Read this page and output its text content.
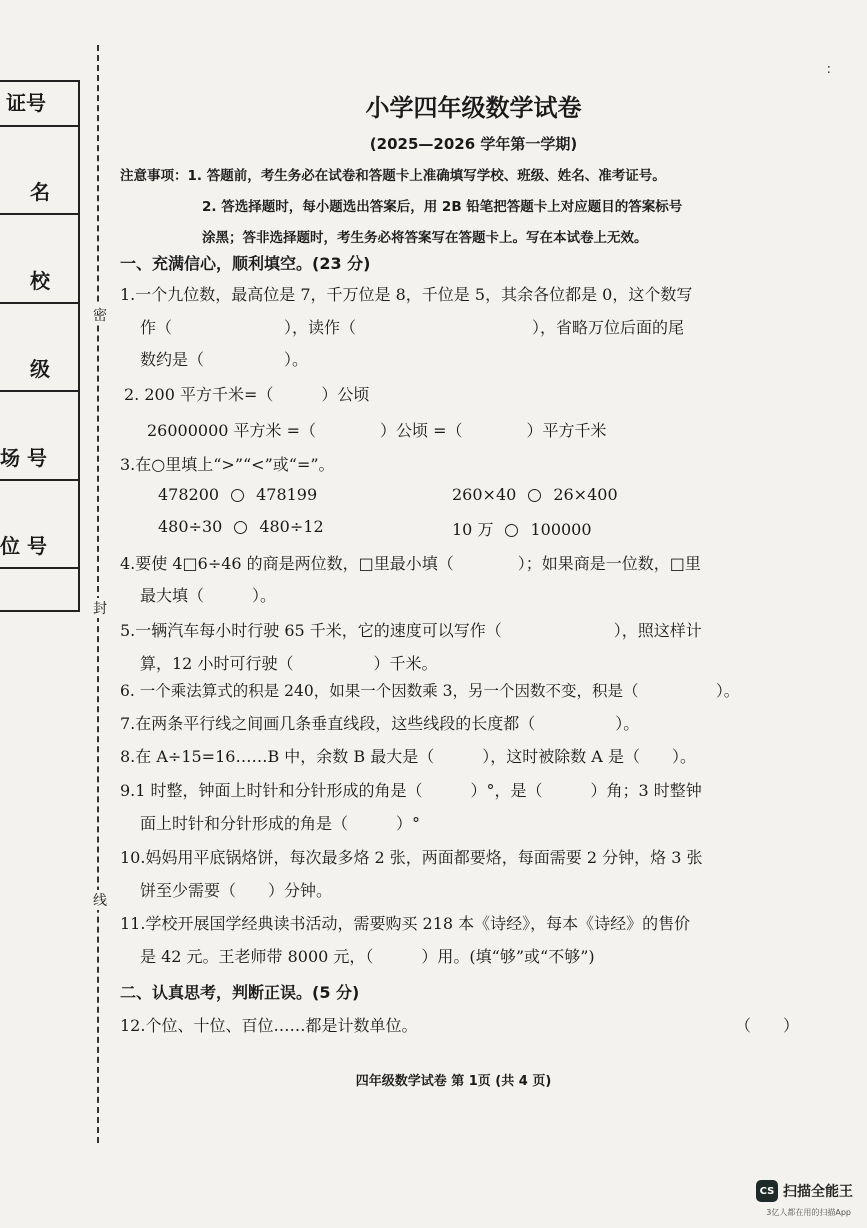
证号
名
校
级
场 号
位 号
密
封
线
小学四年级数学试卷
(2025—2026 学年第一学期)
注意事项：1. 答题前，考生务必在试卷和答题卡上准确填写学校、班级、姓名、准考证号。
2. 答选择题时，每小题选出答案后，用 2B 铅笔把答题卡上对应题目的答案标号
涂黑；答非选择题时，考生务必将答案写在答题卡上。写在本试卷上无效。
一、充满信心，顺利填空。(23 分)
1.一个九位数，最高位是 7，千万位是 8，千位是 5，其余各位都是 0，这个数写
作（　　　　　　　），读作（　　　　　　　　　　　），省略万位后面的尾
数约是（　　　　　）。
2. 200 平方千米=（　　　）公顷
26000000 平方米 =（　　　　）公顷 =（　　　　）平方千米
3.在○里填上“>”“<”或“=”。
478200 478199	260×40 26×400
480÷30 480÷12	10 万 100000
4.要使 4□6÷46 的商是两位数，□里最小填（　　　　）；如果商是一位数，□里
最大填（　　　）。
5.一辆汽车每小时行驶 65 千米，它的速度可以写作（　　　　　　　），照这样计
算，12 小时可行驶（　　　　　）千米。
6. 一个乘法算式的积是 240，如果一个因数乘 3，另一个因数不变，积是（　　　　　）。
7.在两条平行线之间画几条垂直线段，这些线段的长度都（　　　　　）。
8.在 A÷15=16……B 中，余数 B 最大是（　　　），这时被除数 A 是（　　）。
9.1 时整，钟面上时针和分针形成的角是（　　　）°，是（　　　）角；3 时整钟
面上时针和分针形成的角是（　　　）°
10.妈妈用平底锅烙饼，每次最多烙 2 张，两面都要烙，每面需要 2 分钟，烙 3 张
饼至少需要（　　）分钟。
11.学校开展国学经典读书活动，需要购买 218 本《诗经》，每本《诗经》的售价
是 42 元。王老师带 8000 元，（　　　）用。(填“够”或“不够”)
二、认真思考，判断正误。(5 分)
12.个位、十位、百位……都是计数单位。	（　　）
四年级数学试卷 第 1页 (共 4 页)
:
CS 扫描全能王
3亿人都在用的扫描App
